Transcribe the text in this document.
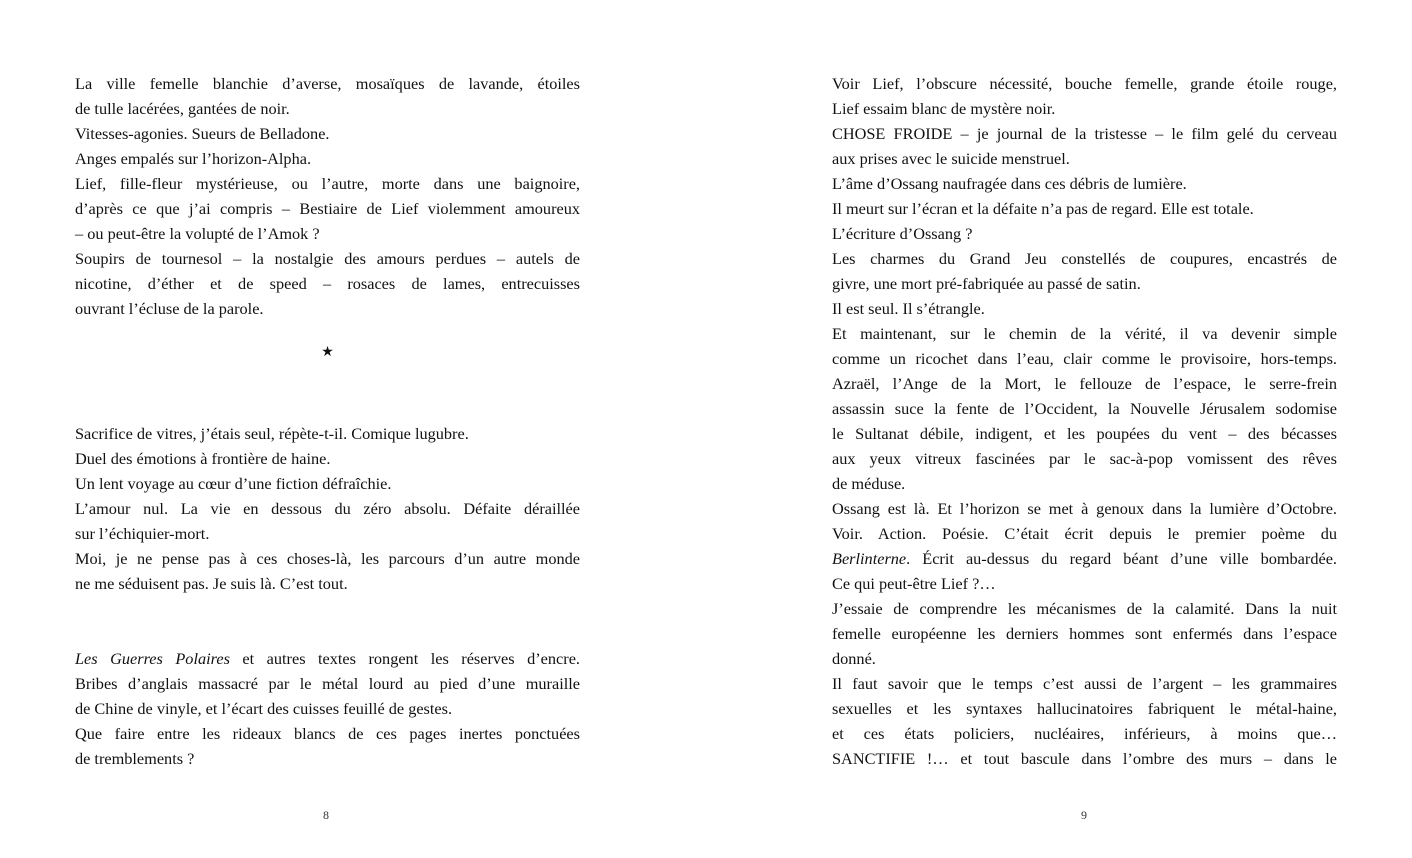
La ville femelle blanchie d’averse, mosaïques de lavande, étoiles
de tulle lacérées, gantées de noir.
Vitesses-agonies. Sueurs de Belladone.
Anges empalés sur l’horizon-Alpha.
Lief, fille-fleur mystérieuse, ou l’autre, morte dans une baignoire,
d’après ce que j’ai compris – Bestiaire de Lief violemment amoureux
– ou peut-être la volupté de l’Amok ?
Soupirs de tournesol – la nostalgie des amours perdues – autels de
nicotine, d’éther et de speed – rosaces de lames, entrecuisses
ouvrant l’écluse de la parole.
★
Sacrifice de vitres, j’étais seul, répète-t-il. Comique lugubre.
Duel des émotions à frontière de haine.
Un lent voyage au cœur d’une fiction défraîchie.
L’amour nul. La vie en dessous du zéro absolu. Défaite déraillée
sur l’échiquier-mort.
Moi, je ne pense pas à ces choses-là, les parcours d’un autre monde
ne me séduisent pas. Je suis là. C’est tout.
Les Guerres Polaires et autres textes rongent les réserves d’encre.
Bribes d’anglais massacré par le métal lourd au pied d’une muraille
de Chine de vinyle, et l’écart des cuisses feuillé de gestes.
Que faire entre les rideaux blancs de ces pages inertes ponctuées
de tremblements ?
8
Voir Lief, l’obscure nécessité, bouche femelle, grande étoile rouge,
Lief essaim blanc de mystère noir.
CHOSE FROIDE – je journal de la tristesse – le film gelé du cerveau
aux prises avec le suicide menstruel.
L’âme d’Ossang naufragée dans ces débris de lumière.
Il meurt sur l’écran et la défaite n’a pas de regard. Elle est totale.
L’écriture d’Ossang ?
Les charmes du Grand Jeu constellés de coupures, encastrés de
givre, une mort pré-fabriquée au passé de satin.
Il est seul. Il s’étrangle.
Et maintenant, sur le chemin de la vérité, il va devenir simple
comme un ricochet dans l’eau, clair comme le provisoire, hors-temps.
Azraël, l’Ange de la Mort, le fellouze de l’espace, le serre-frein
assassin suce la fente de l’Occident, la Nouvelle Jérusalem sodomise
le Sultanat débile, indigent, et les poupées du vent – des bécasses
aux yeux vitreux fascinées par le sac-à-pop vomissent des rêves
de méduse.
Ossang est là. Et l’horizon se met à genoux dans la lumière d’Octobre.
Voir. Action. Poésie. C’était écrit depuis le premier poème du
Berlinterne. Écrit au-dessus du regard béant d’une ville bombardée.
Ce qui peut-être Lief ?…
J’essaie de comprendre les mécanismes de la calamité. Dans la nuit
femelle européenne les derniers hommes sont enfermés dans l’espace
donné.
Il faut savoir que le temps c’est aussi de l’argent – les grammaires
sexuelles et les syntaxes hallucinatoires fabriquent le métal-haine,
et ces états policiers, nucléaires, inférieurs, à moins que…
SANCTIFIE !… et tout bascule dans l’ombre des murs – dans le
9
